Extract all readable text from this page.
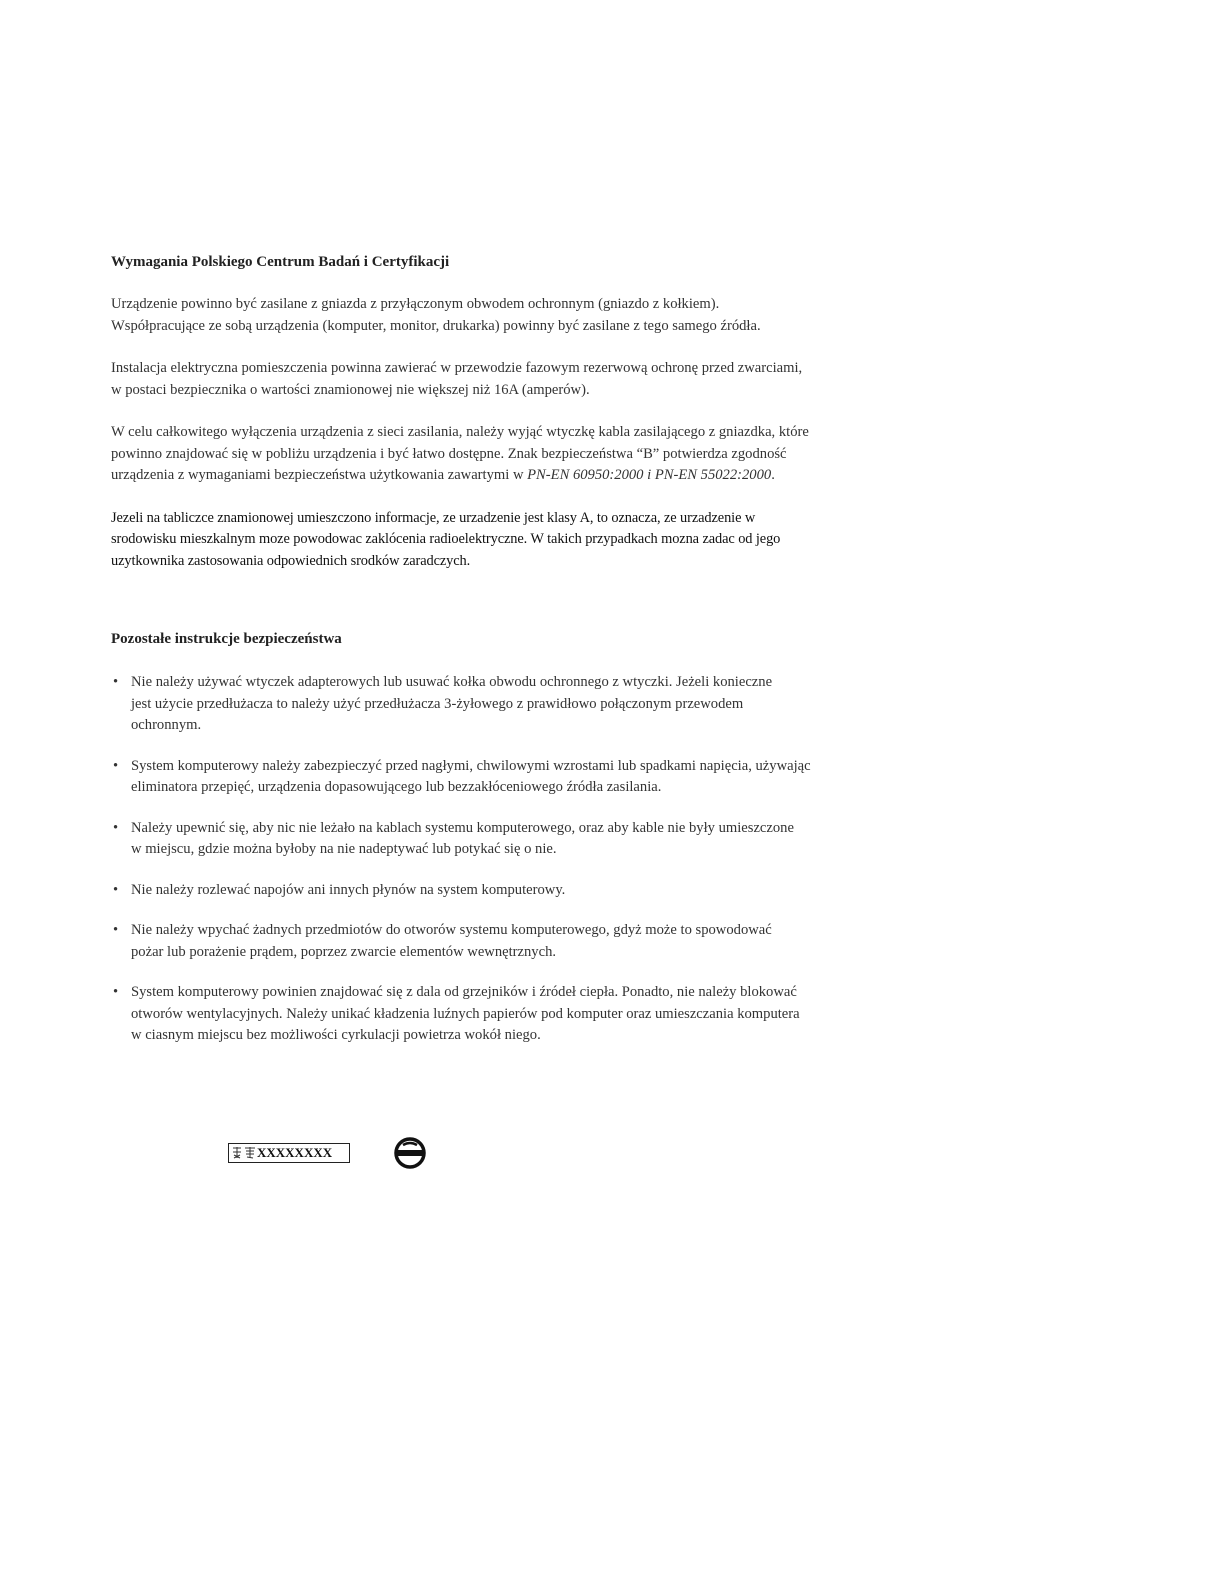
Wymagania Polskiego Centrum Badań i Certyfikacji

Urządzenie powinno być zasilane z gniazda z przyłączonym obwodem ochronnym (gniazdo z kołkiem).
Współpracujące ze sobą urządzenia (komputer, monitor, drukarka) powinny być zasilane z tego samego źródła.

Instalacja elektryczna pomieszczenia powinna zawierać w przewodzie fazowym rezerwową ochronę przed zwarciami,
w postaci bezpiecznika o wartości znamionowej nie większej niż 16A (amperów).

W celu całkowitego wyłączenia urządzenia z sieci zasilania, należy wyjąć wtyczkę kabla zasilającego z gniazdka, które
powinno znajdować się w pobliżu urządzenia i być łatwo dostępne. Znak bezpieczeństwa “B” potwierdza zgodność
urządzenia z wymaganiami bezpieczeństwa użytkowania zawartymi w PN-EN 60950:2000 i PN-EN 55022:2000.

Jezeli na tabliczce znamionowej umieszczono informacje, ze urzadzenie jest klasy A, to oznacza, ze urzadzenie w
srodowisku mieszkalnym moze powodowac zaklócenia radioelektryczne. W takich przypadkach mozna zadac od jego
uzytkownika zastosowania odpowiednich srodków zaradczych.

Pozostałe instrukcje bezpieczeństwa

• Nie należy używać wtyczek adapterowych lub usuwać kołka obwodu ochronnego z wtyczki. Jeżeli konieczne
jest użycie przedłużacza to należy użyć przedłużacza 3-żyłowego z prawidłowo połączonym przewodem
ochronnym.
• System komputerowy należy zabezpieczyć przed nagłymi, chwilowymi wzrostami lub spadkami napięcia, używając
eliminatora przepięć, urządzenia dopasowującego lub bezzakłóceniowego źródła zasilania.
• Należy upewnić się, aby nic nie leżało na kablach systemu komputerowego, oraz aby kable nie były umieszczone
w miejscu, gdzie można byłoby na nie nadeptywać lub potykać się o nie.
• Nie należy rozlewać napojów ani innych płynów na system komputerowy.
• Nie należy wpychać żadnych przedmiotów do otworów systemu komputerowego, gdyż może to spowodować
pożar lub porażenie prądem, poprzez zwarcie elementów wewnętrznych.
• System komputerowy powinien znajdować się z dala od grzejników i źródeł ciepła. Ponadto, nie należy blokować
otworów wentylacyjnych. Należy unikać kładzenia luźnych papierów pod komputer oraz umieszczania komputera
w ciasnym miejscu bez możliwości cyrkulacji powietrza wokół niego.
XXXXXXXX
